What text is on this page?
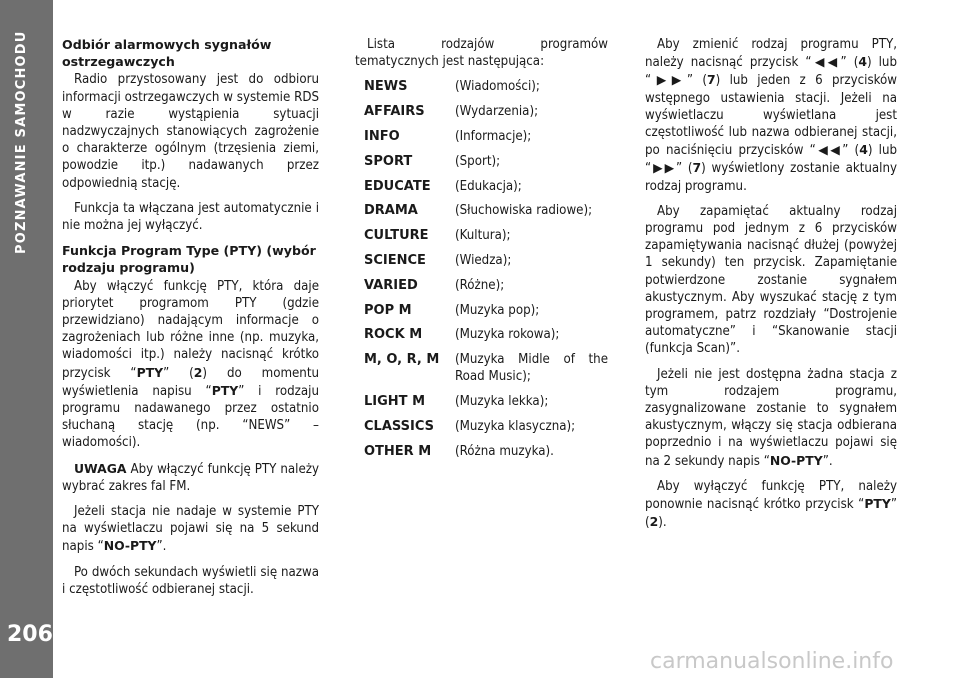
POZNAWANIE SAMOCHODU
206
Odbiór alarmowych sygnałów ostrzegawczych

Radio przystosowany jest do odbioru informacji ostrzegawczych w systemie RDS w razie wystąpienia sytuacji nadzwyczajnych stanowiących zagrożenie o charakterze ogólnym (trzęsienia ziemi, powodzie itp.) nadawanych przez odpowiednią stację.

Funkcja ta włączana jest automatycznie i nie można jej wyłączyć.

Funkcja Program Type (PTY) (wybór rodzaju programu)

Aby włączyć funkcję PTY, która daje priorytet programom PTY (gdzie przewidziano) nadającym informacje o zagrożeniach lub różne inne (np. muzyka, wiadomości itp.) należy nacisnąć krótko przycisk “PTY” (2) do momentu wyświetlenia napisu “PTY” i rodzaju programu nadawanego przez ostatnio słuchaną stację (np. “NEWS” – wiadomości).

UWAGA Aby włączyć funkcję PTY należy wybrać zakres fal FM.

Jeżeli stacja nie nadaje w systemie PTY na wyświetlaczu pojawi się na 5 sekund napis “NO-PTY”.

Po dwóch sekundach wyświetli się nazwa i częstotliwość odbieranej stacji.

Lista rodzajów programów tematycznych jest następująca:

NEWS	(Wiadomości);
AFFAIRS	(Wydarzenia);
INFO	(Informacje);
SPORT	(Sport);
EDUCATE	(Edukacja);
DRAMA	(Słuchowiska radiowe);
CULTURE	(Kultura);
SCIENCE	(Wiedza);
VARIED	(Różne);
POP M	(Muzyka pop);
ROCK M	(Muzyka rokowa);
M, O, R, M	(Muzyka Midle of the Road Music);
LIGHT M	(Muzyka lekka);
CLASSICS	(Muzyka klasyczna);
OTHER M	(Różna muzyka).

Aby zmienić rodzaj programu PTY, należy nacisnąć przycisk “◀◀” (4) lub “▶▶” (7) lub jeden z 6 przycisków wstępnego ustawienia stacji. Jeżeli na wyświetlaczu wyświetlana jest częstotliwość lub nazwa odbieranej stacji, po naciśnięciu przycisków “◀◀” (4) lub “▶▶” (7) wyświetlony zostanie aktualny rodzaj programu.

Aby zapamiętać aktualny rodzaj programu pod jednym z 6 przycisków zapamiętywania nacisnąć dłużej (powyżej 1 sekundy) ten przycisk. Zapamiętanie potwierdzone zostanie sygnałem akustycznym. Aby wyszukać stację z tym programem, patrz rozdziały “Dostrojenie automatyczne” i “Skanowanie stacji (funkcja Scan)”.

Jeżeli nie jest dostępna żadna stacja z tym rodzajem programu, zasygnalizowane zostanie to sygnałem akustycznym, włączy się stacja odbierana poprzednio i na wyświetlaczu pojawi się na 2 sekundy napis “NO-PTY”.

Aby wyłączyć funkcję PTY, należy ponownie nacisnąć krótko przycisk “PTY” (2).

carmanualsonline.info
